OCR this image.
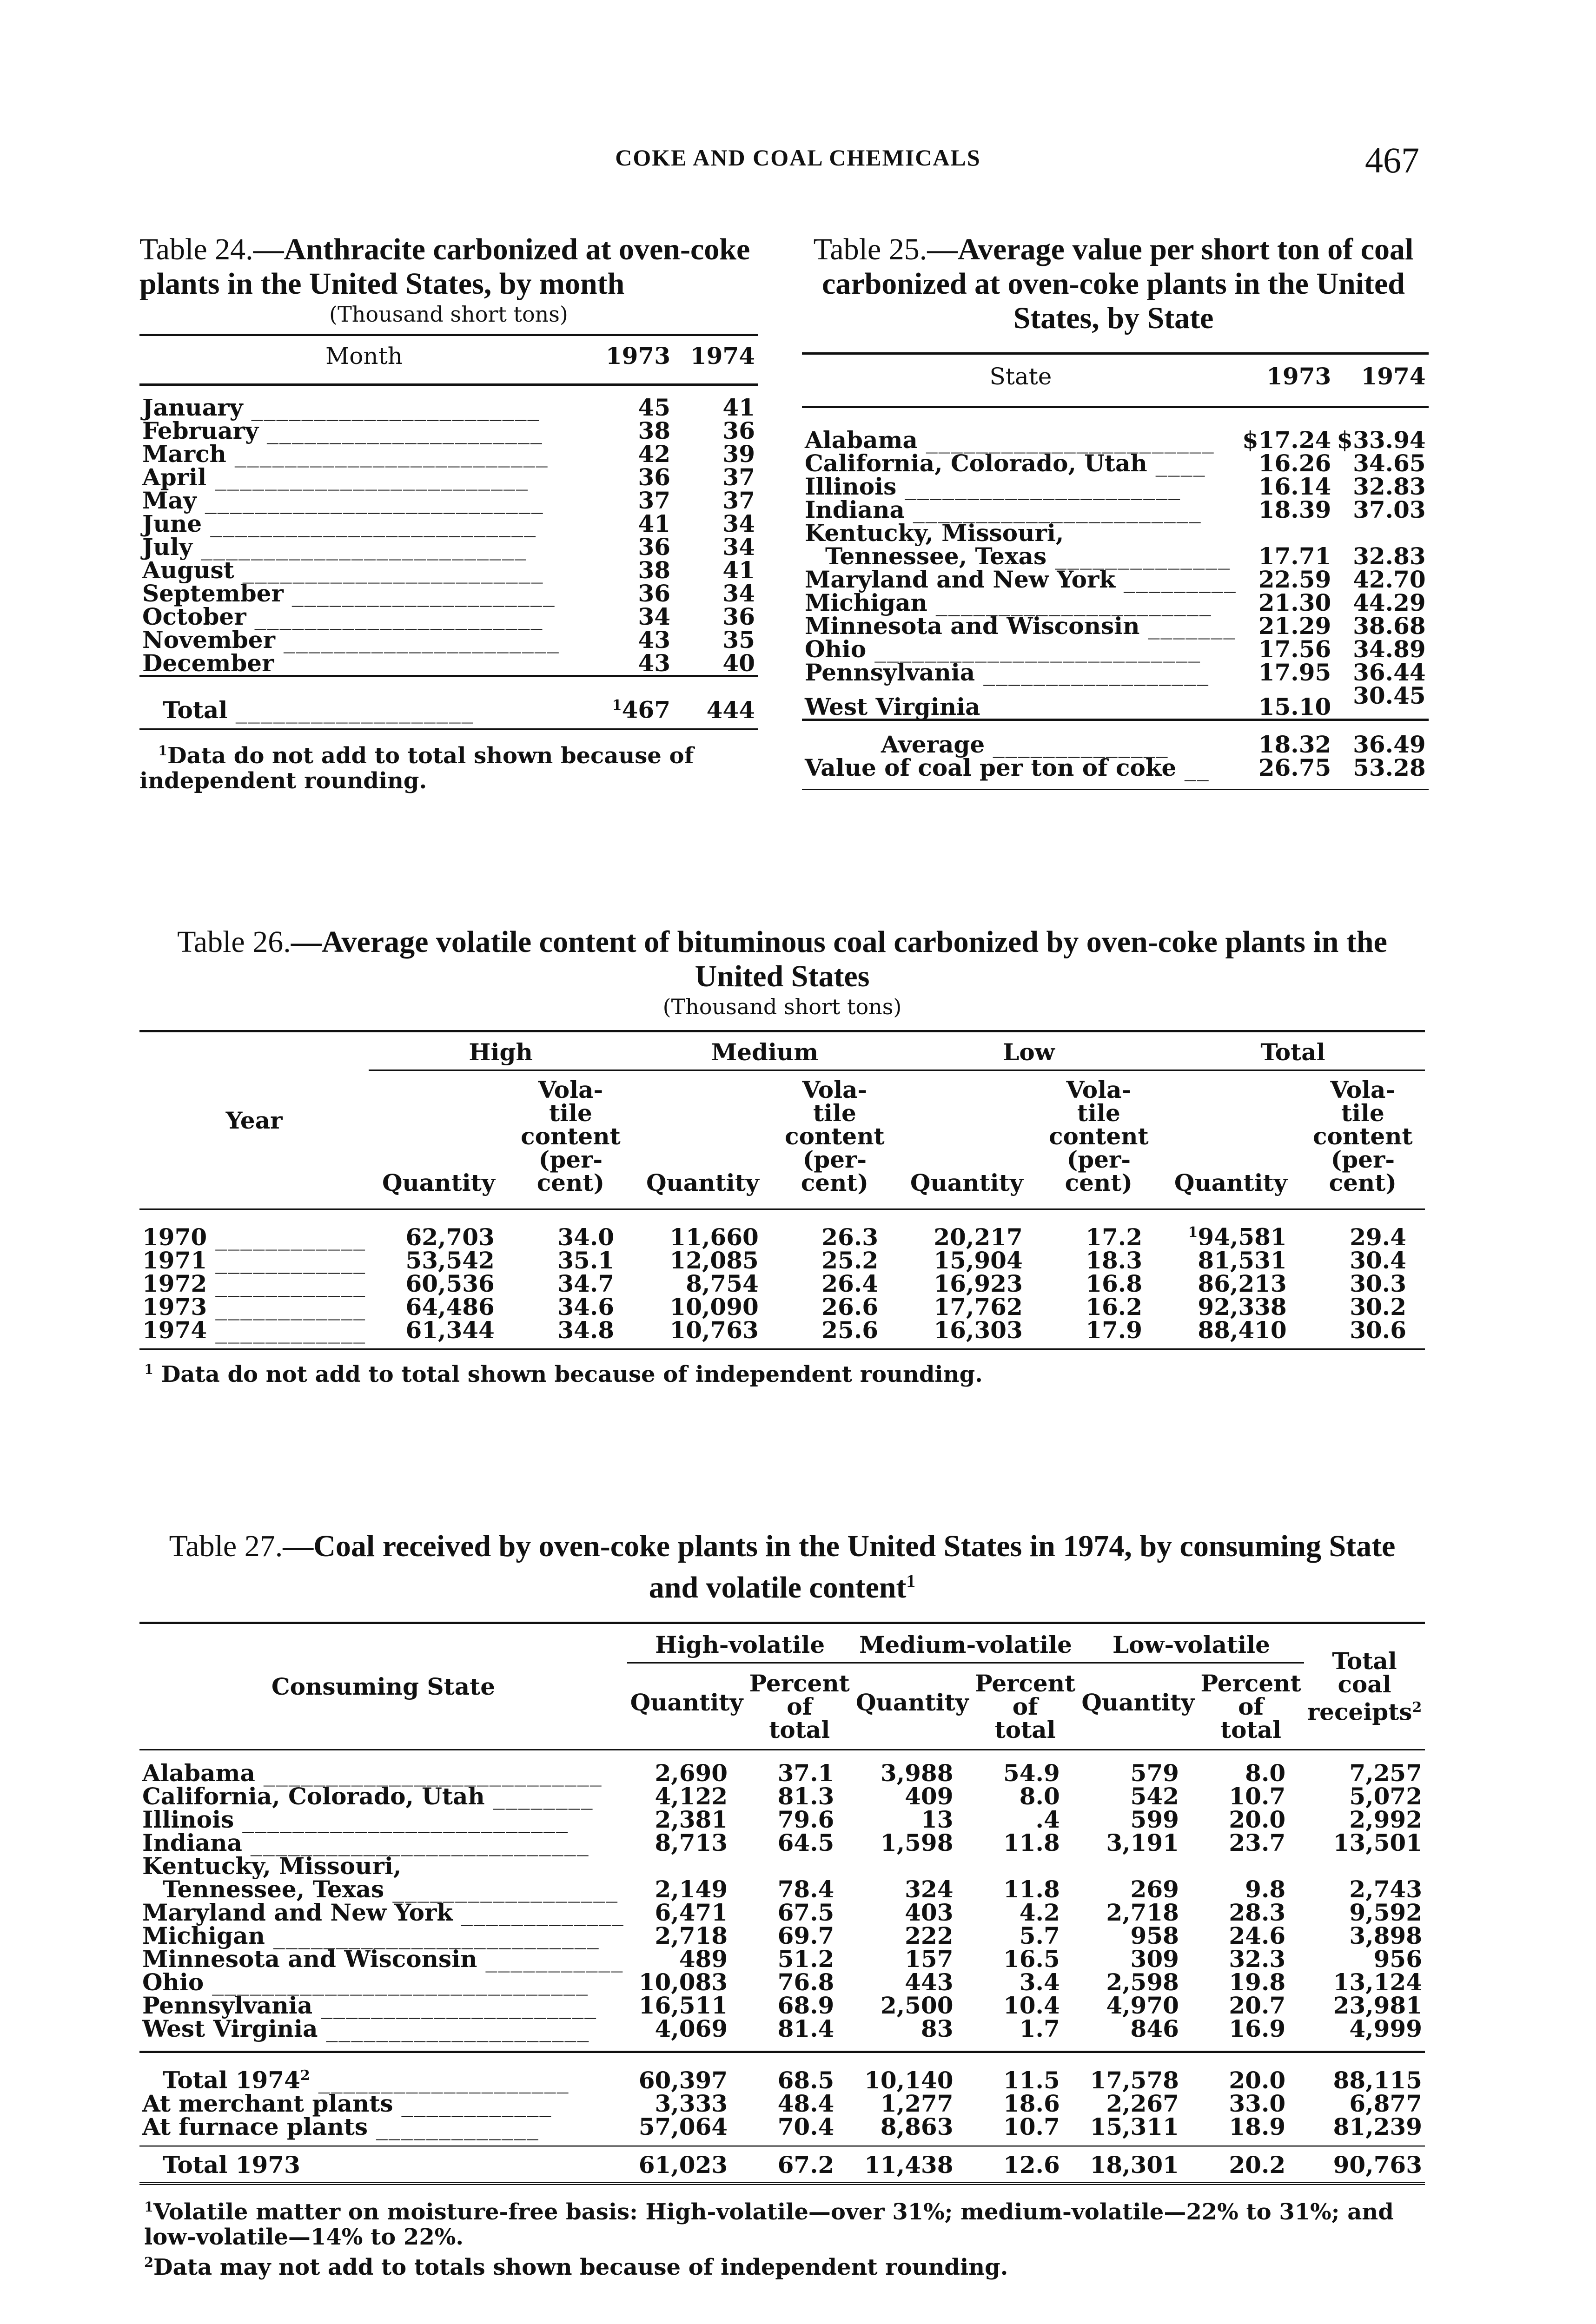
COKE AND COAL CHEMICALS	467
Table 24.—Anthracite carbonized at oven-coke plants in the United States, by month
(Thousand short tons)
Month	1973	1974
January _______________________	45	41
February ______________________	38	36
March _________________________	42	39
April _________________________	36	37
May ___________________________	37	37
June __________________________	41	34
July __________________________	36	34
August ________________________	38	41
September _____________________	36	34
October _______________________	34	36
November ______________________	43	35
December ______________________	43	40
Total ___________________	$^1$467	444
$^1$Data do not add to total shown because of independent rounding.
Table 25.—Average value per short ton of coal carbonized at oven-coke plants in the United States, by State
State	1973	1974
Alabama _______________________	$17.24	$33.94
California, Colorado, Utah ____	16.26	34.65
Illinois ______________________	16.14	32.83
Indiana _______________________	18.39	37.03
Kentucky, Missouri,		
Tennessee, Texas ______________	17.71	32.83
Maryland and New York _________	22.59	42.70
Michigan ______________________	21.30	44.29
Minnesota and Wisconsin _______	21.29	38.68
Ohio __________________________	17.56	34.89
Pennsylvania __________________	17.95	36.44
West Virginia _________________	15.10	30.45
Average ______________	18.32	36.49
Value of coal per ton of coke __	26.75	53.28
Table 26.—Average volatile content of bituminous coal carbonized by oven-coke plants in the United States
(Thousand short tons)
Year	High		Medium		Low		Total	
	Quantity	Vola-
tile
content
(per-
cent)	Quantity	Vola-
tile
content
(per-
cent)	Quantity	Vola-
tile
content
(per-
cent)	Quantity	Vola-
tile
content
(per-
cent)
1970 ____________	62,703	34.0	11,660	26.3	20,217	17.2	$^1$94,581	29.4
1971 ____________	53,542	35.1	12,085	25.2	15,904	18.3	81,531	30.4
1972 ____________	60,536	34.7	8,754	26.4	16,923	16.8	86,213	30.3
1973 ____________	64,486	34.6	10,090	26.6	17,762	16.2	92,338	30.2
1974 ____________	61,344	34.8	10,763	25.6	16,303	17.9	88,410	30.6
$^1$ Data do not add to total shown because of independent rounding.
Table 27.—Coal received by oven-coke plants in the United States in 1974, by consuming State and volatile content$^1$
Consuming State	High-volatile		Medium-volatile		Low-volatile		Total
coal
receipts$^2$
	Quantity	Percent
of
total	Quantity	Percent
of
total	Quantity	Percent
of
total	
Alabama ___________________________	2,690	37.1	3,988	54.9	579	8.0	7,257
California, Colorado, Utah ________	4,122	81.3	409	8.0	542	10.7	5,072
Illinois __________________________	2,381	79.6	13	.4	599	20.0	2,992
Indiana ___________________________	8,713	64.5	1,598	11.8	3,191	23.7	13,501
Kentucky, Missouri,							
Tennessee, Texas __________________	2,149	78.4	324	11.8	269	9.8	2,743
Maryland and New York _____________	6,471	67.5	403	4.2	2,718	28.3	9,592
Michigan __________________________	2,718	69.7	222	5.7	958	24.6	3,898
Minnesota and Wisconsin ___________	489	51.2	157	16.5	309	32.3	956
Ohio ______________________________	10,083	76.8	443	3.4	2,598	19.8	13,124
Pennsylvania ______________________	16,511	68.9	2,500	10.4	4,970	20.7	23,981
West Virginia _____________________	4,069	81.4	83	1.7	846	16.9	4,999
Total 1974$^2$ ____________________	60,397	68.5	10,140	11.5	17,578	20.0	88,115
At merchant plants ____________	3,333	48.4	1,277	18.6	2,267	33.0	6,877
At furnace plants _____________	57,064	70.4	8,863	10.7	15,311	18.9	81,239
Total 1973	61,023	67.2	11,438	12.6	18,301	20.2	90,763
$^1$Volatile matter on moisture-free basis: High-volatile—over 31%; medium-volatile—22% to 31%; and low-volatile—14% to 22%.
$^2$Data may not add to totals shown because of independent rounding.
